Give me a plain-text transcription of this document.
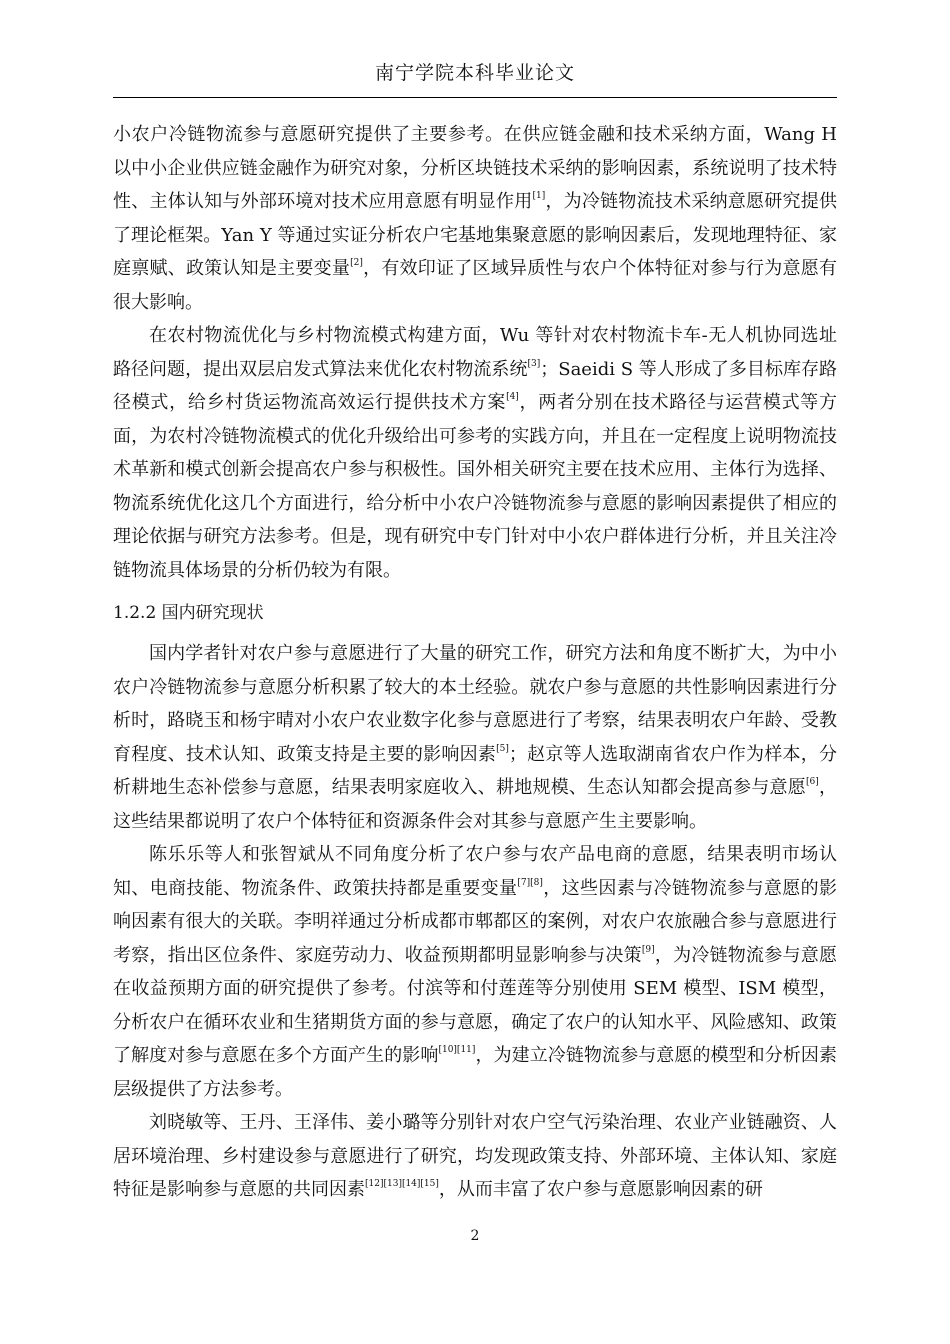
南宁学院本科毕业论文

小农户冷链物流参与意愿研究提供了主要参考。在供应链金融和技术采纳方面，Wang H 以中小企业供应链金融作为研究对象，分析区块链技术采纳的影响因素，系统说明了技术特性、主体认知与外部环境对技术应用意愿有明显作用[1]，为冷链物流技术采纳意愿研究提供了理论框架。Yan Y 等通过实证分析农户宅基地集聚意愿的影响因素后，发现地理特征、家庭禀赋、政策认知是主要变量[2]，有效印证了区域异质性与农户个体特征对参与行为意愿有很大影响。

在农村物流优化与乡村物流模式构建方面，Wu 等针对农村物流卡车-无人机协同选址路径问题，提出双层启发式算法来优化农村物流系统[3]；Saeidi S 等人形成了多目标库存路径模式，给乡村货运物流高效运行提供技术方案[4]，两者分别在技术路径与运营模式等方面，为农村冷链物流模式的优化升级给出可参考的实践方向，并且在一定程度上说明物流技术革新和模式创新会提高农户参与积极性。国外相关研究主要在技术应用、主体行为选择、物流系统优化这几个方面进行，给分析中小农户冷链物流参与意愿的影响因素提供了相应的理论依据与研究方法参考。但是，现有研究中专门针对中小农户群体进行分析，并且关注冷链物流具体场景的分析仍较为有限。

1.2.2 国内研究现状

国内学者针对农户参与意愿进行了大量的研究工作，研究方法和角度不断扩大，为中小农户冷链物流参与意愿分析积累了较大的本土经验。就农户参与意愿的共性影响因素进行分析时，路晓玉和杨宇晴对小农户农业数字化参与意愿进行了考察，结果表明农户年龄、受教育程度、技术认知、政策支持是主要的影响因素[5]；赵京等人选取湖南省农户作为样本，分析耕地生态补偿参与意愿，结果表明家庭收入、耕地规模、生态认知都会提高参与意愿[6]，这些结果都说明了农户个体特征和资源条件会对其参与意愿产生主要影响。

陈乐乐等人和张智斌从不同角度分析了农户参与农产品电商的意愿，结果表明市场认知、电商技能、物流条件、政策扶持都是重要变量[7][8]，这些因素与冷链物流参与意愿的影响因素有很大的关联。李明祥通过分析成都市郫都区的案例，对农户农旅融合参与意愿进行考察，指出区位条件、家庭劳动力、收益预期都明显影响参与决策[9]，为冷链物流参与意愿在收益预期方面的研究提供了参考。付滨等和付莲莲等分别使用 SEM 模型、ISM 模型，分析农户在循环农业和生猪期货方面的参与意愿，确定了农户的认知水平、风险感知、政策了解度对参与意愿在多个方面产生的影响[10][11]，为建立冷链物流参与意愿的模型和分析因素层级提供了方法参考。

刘晓敏等、王丹、王泽伟、姜小璐等分别针对农户空气污染治理、农业产业链融资、人居环境治理、乡村建设参与意愿进行了研究，均发现政策支持、外部环境、主体认知、家庭特征是影响参与意愿的共同因素[12][13][14][15]，从而丰富了农户参与意愿影响因素的研

2
